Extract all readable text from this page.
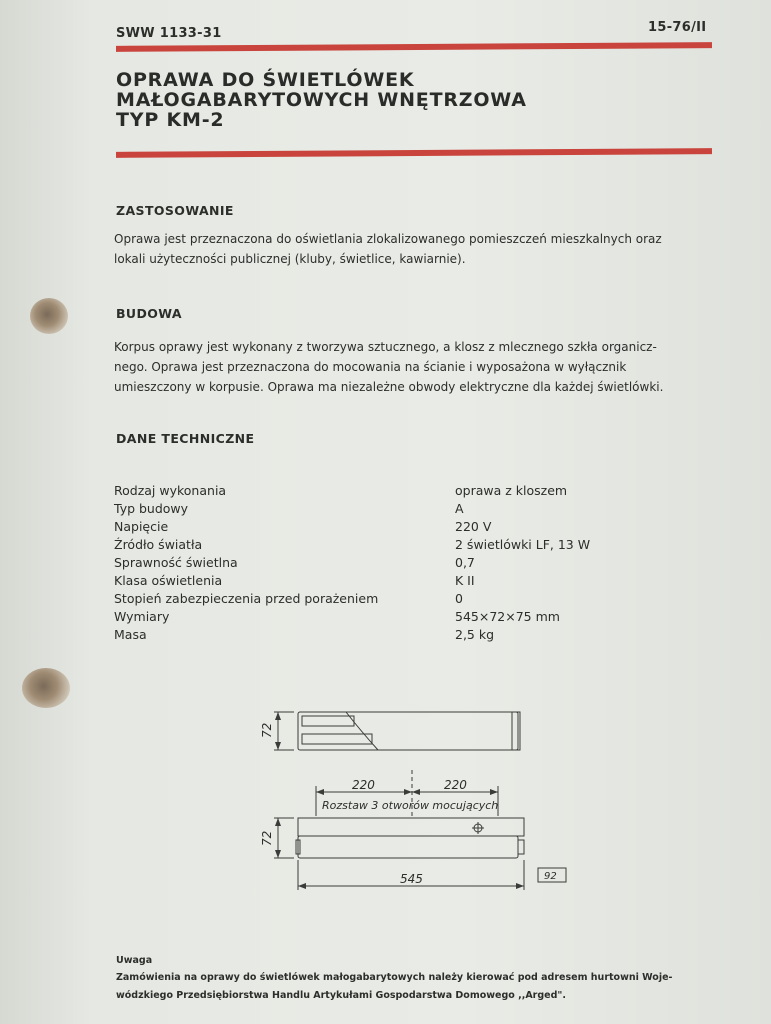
SWW 1133-31	15-76/II
OPRAWA DO ŚWIETLÓWEK
MAŁOGABARYTOWYCH WNĘTRZOWA
TYP KM-2
ZASTOSOWANIE
Oprawa jest przeznaczona do oświetlania zlokalizowanego pomieszczeń mieszkalnych oraz
lokali użyteczności publicznej (kluby, świetlice, kawiarnie).
BUDOWA
Korpus oprawy jest wykonany z tworzywa sztucznego, a klosz z mlecznego szkła organicz-
nego. Oprawa jest przeznaczona do mocowania na ścianie i wyposażona w wyłącznik
umieszczony w korpusie. Oprawa ma niezależne obwody elektryczne dla każdej świetlówki.
DANE TECHNICZNE
Rodzaj wykonania	oprawa z kloszem
Typ budowy	A
Napięcie	220 V
Źródło światła	2 świetlówki LF, 13 W
Sprawność świetlna	0,7
Klasa oświetlenia	K II
Stopień zabezpieczenia przed porażeniem	0
Wymiary	545×72×75 mm
Masa	2,5 kg
72
72
220	220
545
Rozstaw 3 otworów mocujących
92
Uwaga
Zamówienia na oprawy do świetlówek małogabarytowych należy kierować pod adresem hurtowni Woje-
wódzkiego Przedsiębiorstwa Handlu Artykułami Gospodarstwa Domowego ,,Arged".
